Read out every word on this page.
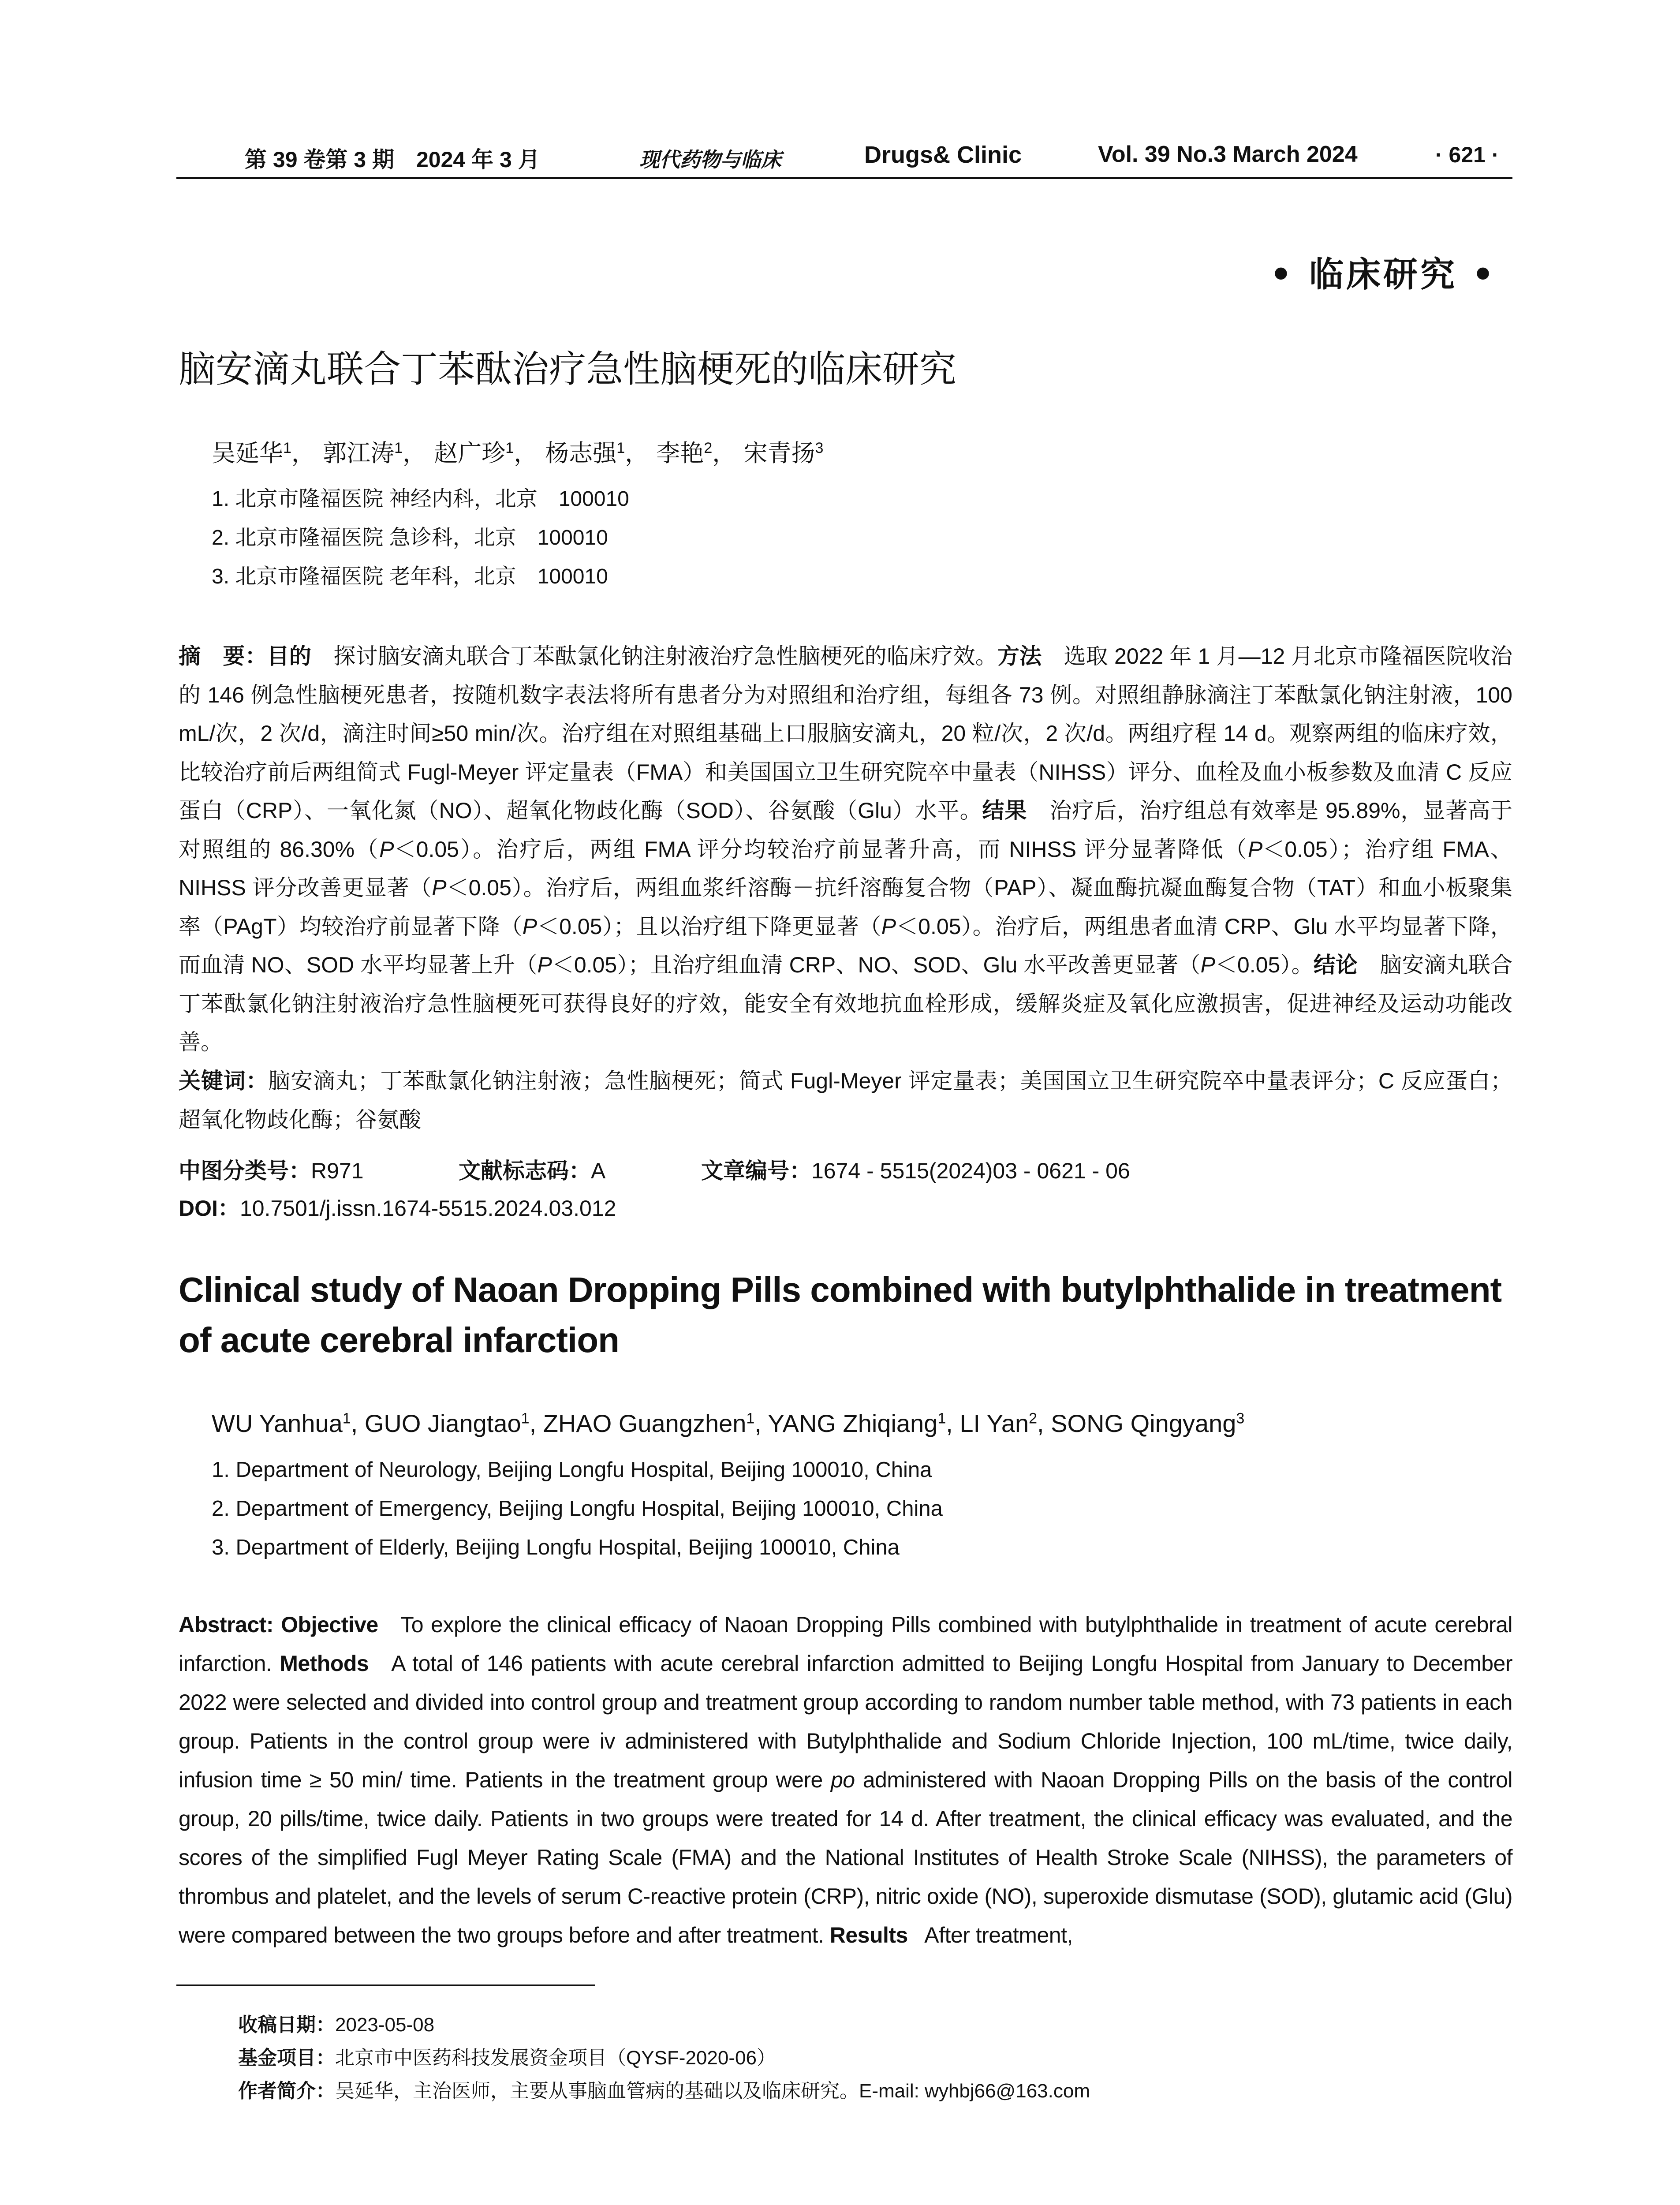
第 39 卷第 3 期　2024 年 3 月	现代药物与临床	Drugs& Clinic	Vol. 39 No.3 March 2024	· 621 ·
• 临床研究 •
脑安滴丸联合丁苯酞治疗急性脑梗死的临床研究
吴延华$^1$， 郭江涛$^1$， 赵广珍$^1$， 杨志强$^1$， 李艳$^2$， 宋青扬$^3$
1. 北京市隆福医院 神经内科，北京　100010
2. 北京市隆福医院 急诊科，北京　100010
3. 北京市隆福医院 老年科，北京　100010
摘　要：目的　 探讨脑安滴丸联合丁苯酞氯化钠注射液治疗急性脑梗死的临床疗效。方法　 选取 2022 年 1 月—12 月北京市隆福医院收治的 146 例急性脑梗死患者，按随机数字表法将所有患者分为对照组和治疗组，每组各 73 例。对照组静脉滴注丁苯酞氯化钠注射液，100 mL/次，2 次/d，滴注时间≥50 min/次。治疗组在对照组基础上口服脑安滴丸，20 粒/次，2 次/d。两组疗程 14 d。观察两组的临床疗效，比较治疗前后两组简式 Fugl-Meyer 评定量表（FMA）和美国国立卫生研究院卒中量表（NIHSS）评分、血栓及血小板参数及血清 C 反应蛋白（CRP）、一氧化氮（NO）、超氧化物歧化酶（SOD）、谷氨酸（Glu）水平。结果　 治疗后，治疗组总有效率是 95.89%，显著高于对照组的 86.30%（P＜0.05）。治疗后，两组 FMA 评分均较治疗前显著升高，而 NIHSS 评分显著降低（P＜0.05）；治疗组 FMA、NIHSS 评分改善更显著（P＜0.05）。治疗后，两组血浆纤溶酶－抗纤溶酶复合物（PAP）、凝血酶抗凝血酶复合物（TAT）和血小板聚集率（PAgT）均较治疗前显著下降（P＜0.05）；且以治疗组下降更显著（P＜0.05）。治疗后，两组患者血清 CRP、Glu 水平均显著下降，而血清 NO、SOD 水平均显著上升（P＜0.05）；且治疗组血清 CRP、NO、SOD、Glu 水平改善更显著（P＜0.05）。结论　 脑安滴丸联合丁苯酞氯化钠注射液治疗急性脑梗死可获得良好的疗效，能安全有效地抗血栓形成，缓解炎症及氧化应激损害，促进神经及运动功能改善。
关键词：脑安滴丸；丁苯酞氯化钠注射液；急性脑梗死；简式 Fugl-Meyer 评定量表；美国国立卫生研究院卒中量表评分；C 反应蛋白；超氧化物歧化酶；谷氨酸
中图分类号：R971	文献标志码：A	文章编号：1674 - 5515(2024)03 - 0621 - 06
DOI：10.7501/j.issn.1674-5515.2024.03.012
Clinical study of Naoan Dropping Pills combined with butylphthalide in treatment of acute cerebral infarction
WU Yanhua$^1$, GUO Jiangtao$^1$, ZHAO Guangzhen$^1$, YANG Zhiqiang$^1$, LI Yan$^2$, SONG Qingyang$^3$
1. Department of Neurology, Beijing Longfu Hospital, Beijing 100010, China
2. Department of Emergency, Beijing Longfu Hospital, Beijing 100010, China
3. Department of Elderly, Beijing Longfu Hospital, Beijing 100010, China
Abstract: Objective To explore the clinical efficacy of Naoan Dropping Pills combined with butylphthalide in treatment of acute cerebral infarction. Methods A total of 146 patients with acute cerebral infarction admitted to Beijing Longfu Hospital from January to December 2022 were selected and divided into control group and treatment group according to random number table method, with 73 patients in each group. Patients in the control group were iv administered with Butylphthalide and Sodium Chloride Injection, 100 mL/time, twice daily, infusion time ≥ 50 min/ time. Patients in the treatment group were po administered with Naoan Dropping Pills on the basis of the control group, 20 pills/time, twice daily. Patients in two groups were treated for 14 d. After treatment, the clinical efficacy was evaluated, and the scores of the simplified Fugl Meyer Rating Scale (FMA) and the National Institutes of Health Stroke Scale (NIHSS), the parameters of thrombus and platelet, and the levels of serum C-reactive protein (CRP), nitric oxide (NO), superoxide dismutase (SOD), glutamic acid (Glu) were compared between the two groups before and after treatment. Results After treatment,
收稿日期：2023-05-08
基金项目：北京市中医药科技发展资金项目（QYSF-2020-06）
作者简介：吴延华，主治医师，主要从事脑血管病的基础以及临床研究。E-mail: wyhbj66@163.com
